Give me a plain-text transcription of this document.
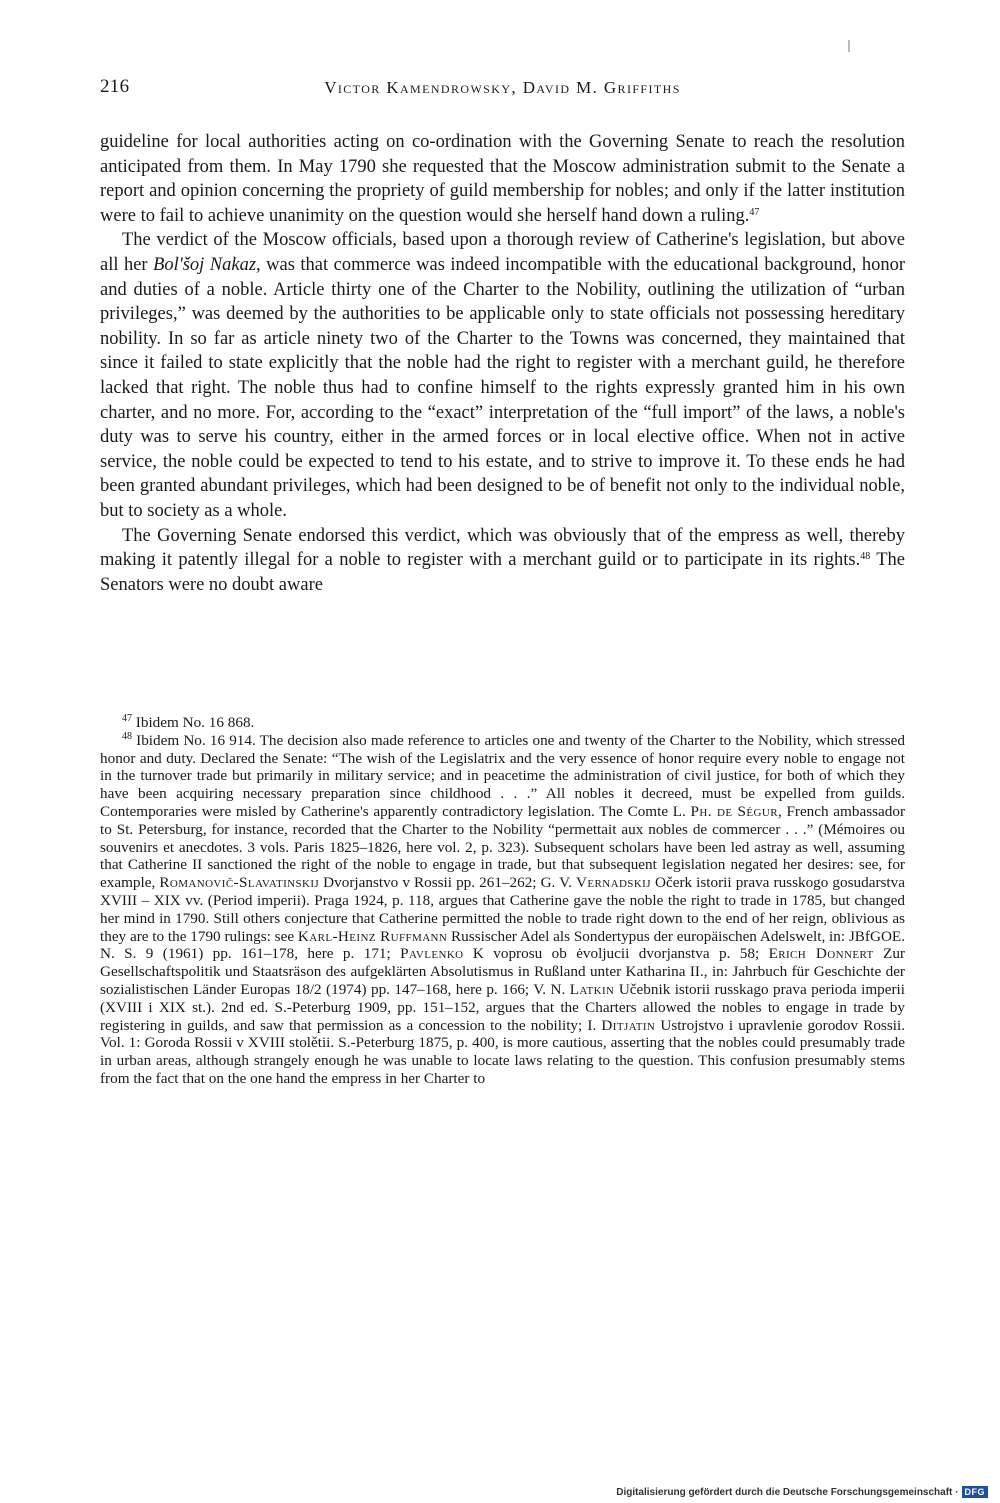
216	Victor Kamendrowsky, David M. Griffiths

guideline for local authorities acting on co-ordination with the Governing Senate to reach the resolution anticipated from them. In May 1790 she requested that the Moscow administration submit to the Senate a report and opinion concerning the propriety of guild membership for nobles; and only if the latter institution were to fail to achieve unanimity on the question would she herself hand down a ruling.$^{47}$

The verdict of the Moscow officials, based upon a thorough review of Catherine's legislation, but above all her Bol'šoj Nakaz, was that commerce was indeed incompatible with the educational background, honor and duties of a noble. Article thirty one of the Charter to the Nobility, outlining the utilization of “urban privileges,” was deemed by the authorities to be applicable only to state officials not possessing hereditary nobility. In so far as article ninety two of the Charter to the Towns was concerned, they maintained that since it failed to state explicitly that the noble had the right to register with a merchant guild, he therefore lacked that right. The noble thus had to confine himself to the rights expressly granted him in his own charter, and no more. For, according to the “exact” interpretation of the “full import” of the laws, a noble's duty was to serve his country, either in the armed forces or in local elective office. When not in active service, the noble could be expected to tend to his estate, and to strive to improve it. To these ends he had been granted abundant privileges, which had been designed to be of benefit not only to the individual noble, but to society as a whole.

The Governing Senate endorsed this verdict, which was obviously that of the empress as well, thereby making it patently illegal for a noble to register with a merchant guild or to participate in its rights.$^{48}$ The Senators were no doubt aware

$^{47}$ Ibidem No. 16 868.

$^{48}$ Ibidem No. 16 914. The decision also made reference to articles one and twenty of the Charter to the Nobility, which stressed honor and duty. Declared the Senate: “The wish of the Legislatrix and the very essence of honor require every noble to engage not in the turnover trade but primarily in military service; and in peacetime the administration of civil justice, for both of which they have been acquiring necessary preparation since childhood . . .” All nobles it decreed, must be expelled from guilds. Contemporaries were misled by Catherine's apparently contradictory legislation. The Comte L. Ph. de Ségur, French ambassador to St. Petersburg, for instance, recorded that the Charter to the Nobility “permettait aux nobles de commercer . . .” (Mémoires ou souvenirs et anecdotes. 3 vols. Paris 1825–1826, here vol. 2, p. 323). Subsequent scholars have been led astray as well, assuming that Catherine II sanctioned the right of the noble to engage in trade, but that subsequent legislation negated her desires: see, for example, Romanovič-Slavatinskij Dvorjanstvo v Rossii pp. 261–262; G. V. Vernadskij Očerk istorii prava russkogo gosudarstva XVIII – XIX vv. (Period imperii). Praga 1924, p. 118, argues that Catherine gave the noble the right to trade in 1785, but changed her mind in 1790. Still others conjecture that Catherine permitted the noble to trade right down to the end of her reign, oblivious as they are to the 1790 rulings: see Karl-Heinz Ruffmann Russischer Adel als Sondertypus der europäischen Adelswelt, in: JBfGOE. N. S. 9 (1961) pp. 161–178, here p. 171; Pavlenko K voprosu ob ėvoljucii dvorjanstva p. 58; Erich Donnert Zur Gesellschaftspolitik und Staatsräson des aufgeklärten Absolutismus in Rußland unter Katharina II., in: Jahrbuch für Geschichte der sozialistischen Länder Europas 18/2 (1974) pp. 147–168, here p. 166; V. N. Latkin Učebnik istorii russkago prava perioda imperii (XVIII i XIX st.). 2nd ed. S.-Peterburg 1909, pp. 151–152, argues that the Charters allowed the nobles to engage in trade by registering in guilds, and saw that permission as a concession to the nobility; I. Ditjatin Ustrojstvo i upravlenie gorodov Rossii. Vol. 1: Goroda Rossii v XVIII stolětii. S.-Peterburg 1875, p. 400, is more cautious, asserting that the nobles could presumably trade in urban areas, although strangely enough he was unable to locate laws relating to the question. This confusion presumably stems from the fact that on the one hand the empress in her Charter to

Digitalisierung gefördert durch die Deutsche Forschungsgemeinschaft · DFG
